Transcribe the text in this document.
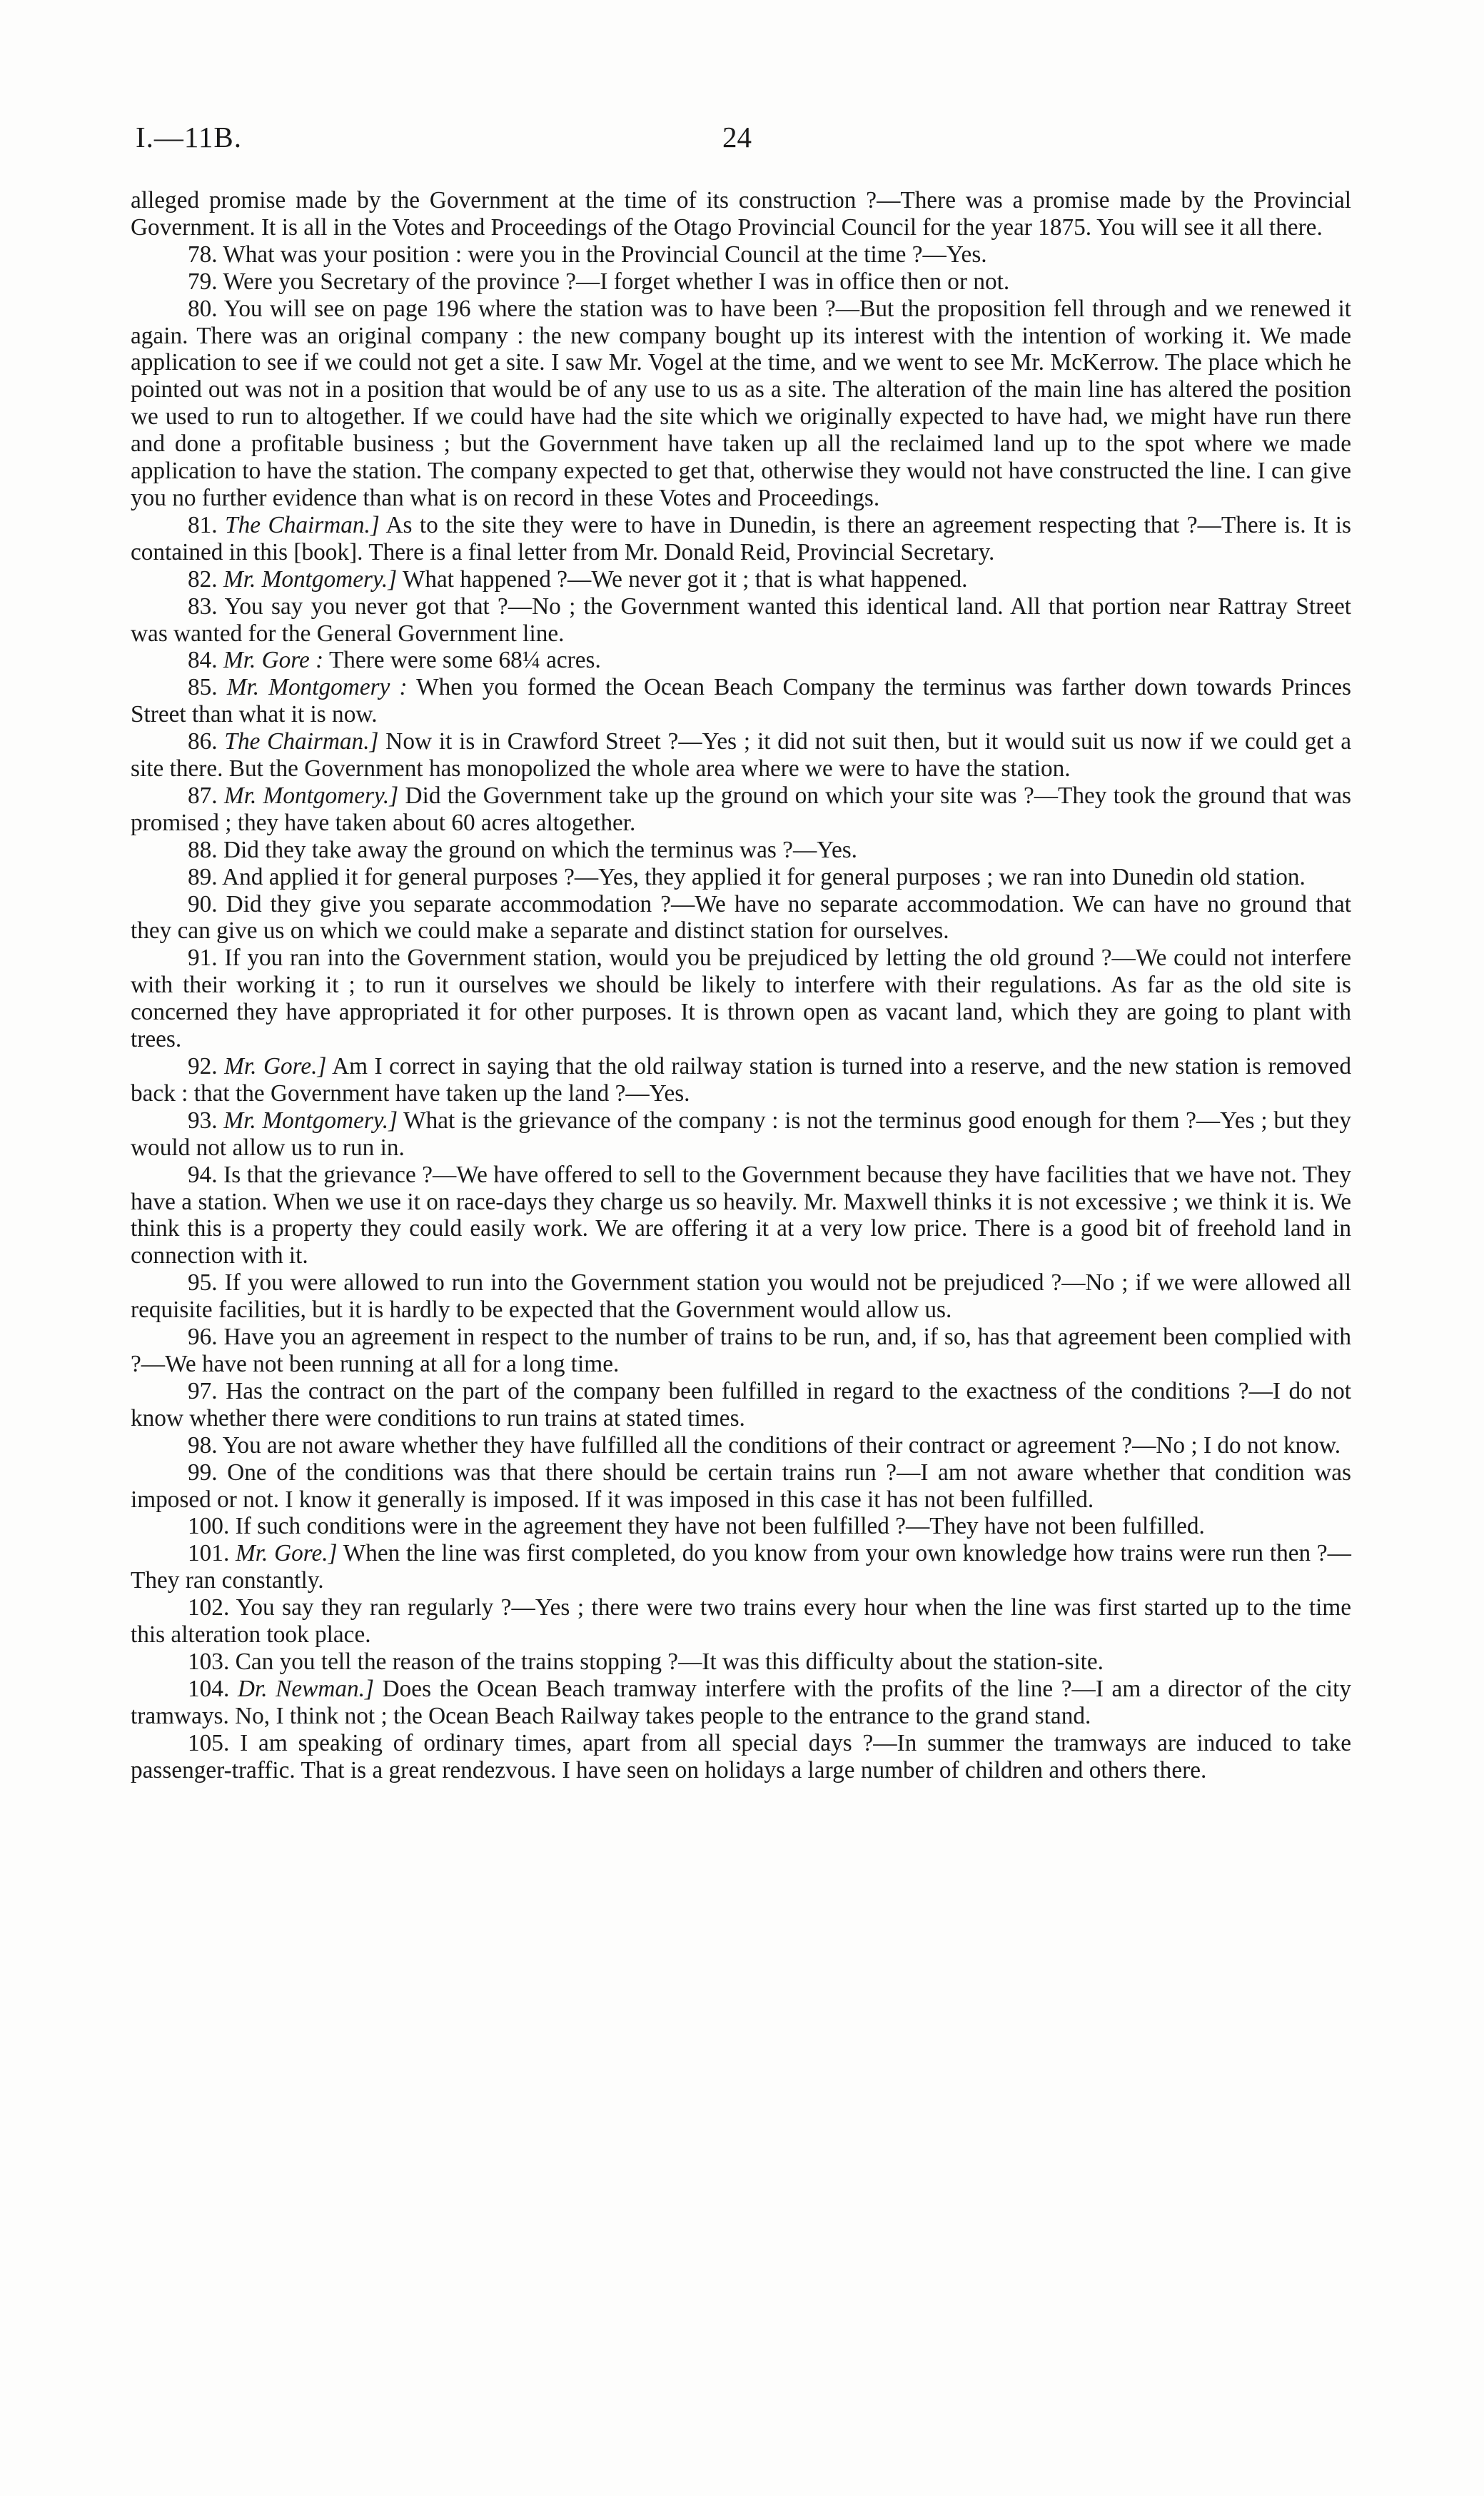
I.—11B.	24

alleged promise made by the Government at the time of its construction ?—There was a promise made by the Provincial Government. It is all in the Votes and Proceedings of the Otago Provincial Council for the year 1875. You will see it all there.

78. What was your position : were you in the Provincial Council at the time ?—Yes.

79. Were you Secretary of the province ?—I forget whether I was in office then or not.

80. You will see on page 196 where the station was to have been ?—But the proposition fell through and we renewed it again. There was an original company : the new company bought up its interest with the intention of working it. We made application to see if we could not get a site. I saw Mr. Vogel at the time, and we went to see Mr. McKerrow. The place which he pointed out was not in a position that would be of any use to us as a site. The alteration of the main line has altered the position we used to run to altogether. If we could have had the site which we originally expected to have had, we might have run there and done a profitable business ; but the Government have taken up all the reclaimed land up to the spot where we made application to have the station. The company expected to get that, otherwise they would not have constructed the line. I can give you no further evidence than what is on record in these Votes and Proceedings.

81. The Chairman.] As to the site they were to have in Dunedin, is there an agreement respecting that ?—There is. It is contained in this [book]. There is a final letter from Mr. Donald Reid, Provincial Secretary.

82. Mr. Montgomery.] What happened ?—We never got it ; that is what happened.

83. You say you never got that ?—No ; the Government wanted this identical land. All that portion near Rattray Street was wanted for the General Government line.

84. Mr. Gore : There were some 68¼ acres.

85. Mr. Montgomery : When you formed the Ocean Beach Company the terminus was farther down towards Princes Street than what it is now.

86. The Chairman.] Now it is in Crawford Street ?—Yes ; it did not suit then, but it would suit us now if we could get a site there. But the Government has monopolized the whole area where we were to have the station.

87. Mr. Montgomery.] Did the Government take up the ground on which your site was ?—They took the ground that was promised ; they have taken about 60 acres altogether.

88. Did they take away the ground on which the terminus was ?—Yes.

89. And applied it for general purposes ?—Yes, they applied it for general purposes ; we ran into Dunedin old station.

90. Did they give you separate accommodation ?—We have no separate accommodation. We can have no ground that they can give us on which we could make a separate and distinct station for ourselves.

91. If you ran into the Government station, would you be prejudiced by letting the old ground ?—We could not interfere with their working it ; to run it ourselves we should be likely to interfere with their regulations. As far as the old site is concerned they have appropriated it for other purposes. It is thrown open as vacant land, which they are going to plant with trees.

92. Mr. Gore.] Am I correct in saying that the old railway station is turned into a reserve, and the new station is removed back : that the Government have taken up the land ?—Yes.

93. Mr. Montgomery.] What is the grievance of the company : is not the terminus good enough for them ?—Yes ; but they would not allow us to run in.

94. Is that the grievance ?—We have offered to sell to the Government because they have facilities that we have not. They have a station. When we use it on race-days they charge us so heavily. Mr. Maxwell thinks it is not excessive ; we think it is. We think this is a property they could easily work. We are offering it at a very low price. There is a good bit of freehold land in connection with it.

95. If you were allowed to run into the Government station you would not be prejudiced ?—No ; if we were allowed all requisite facilities, but it is hardly to be expected that the Government would allow us.

96. Have you an agreement in respect to the number of trains to be run, and, if so, has that agreement been complied with ?—We have not been running at all for a long time.

97. Has the contract on the part of the company been fulfilled in regard to the exactness of the conditions ?—I do not know whether there were conditions to run trains at stated times.

98. You are not aware whether they have fulfilled all the conditions of their contract or agreement ?—No ; I do not know.

99. One of the conditions was that there should be certain trains run ?—I am not aware whether that condition was imposed or not. I know it generally is imposed. If it was imposed in this case it has not been fulfilled.

100. If such conditions were in the agreement they have not been fulfilled ?—They have not been fulfilled.

101. Mr. Gore.] When the line was first completed, do you know from your own knowledge how trains were run then ?—They ran constantly.

102. You say they ran regularly ?—Yes ; there were two trains every hour when the line was first started up to the time this alteration took place.

103. Can you tell the reason of the trains stopping ?—It was this difficulty about the station-site.

104. Dr. Newman.] Does the Ocean Beach tramway interfere with the profits of the line ?—I am a director of the city tramways. No, I think not ; the Ocean Beach Railway takes people to the entrance to the grand stand.

105. I am speaking of ordinary times, apart from all special days ?—In summer the tramways are induced to take passenger-traffic. That is a great rendezvous. I have seen on holidays a large number of children and others there.
